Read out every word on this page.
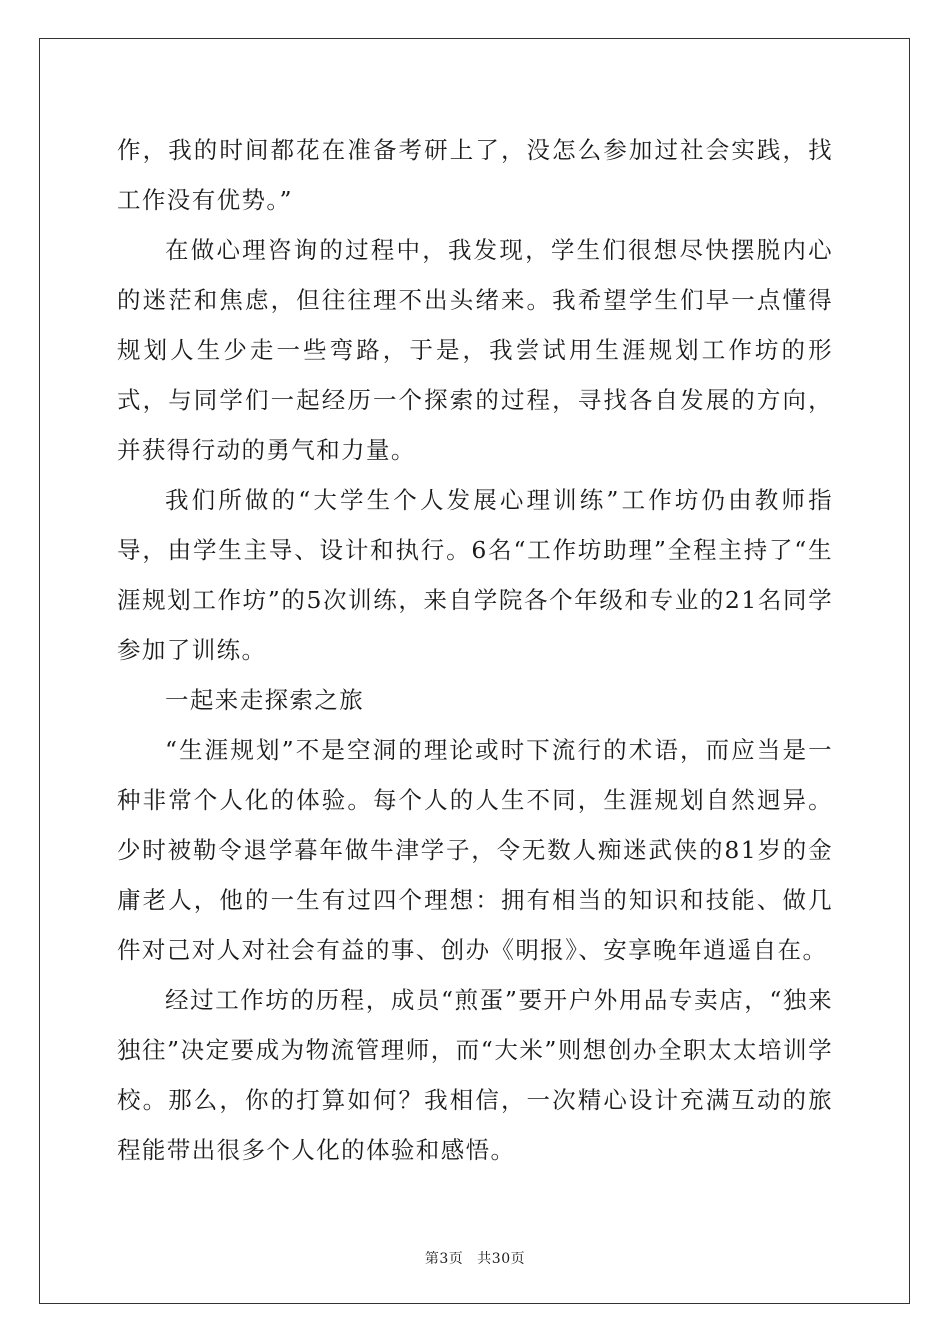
作，我的时间都花在准备考研上了，没怎么参加过社会实践，找工作没有优势。”

在做心理咨询的过程中，我发现，学生们很想尽快摆脱内心的迷茫和焦虑，但往往理不出头绪来。我希望学生们早一点懂得规划人生少走一些弯路，于是，我尝试用生涯规划工作坊的形式，与同学们一起经历一个探索的过程，寻找各自发展的方向，并获得行动的勇气和力量。

我们所做的“大学生个人发展心理训练”工作坊仍由教师指导，由学生主导、设计和执行。6名“工作坊助理”全程主持了“生涯规划工作坊”的5次训练，来自学院各个年级和专业的21名同学参加了训练。

一起来走探索之旅

“生涯规划”不是空洞的理论或时下流行的术语，而应当是一种非常个人化的体验。每个人的人生不同，生涯规划自然迥异。少时被勒令退学暮年做牛津学子，令无数人痴迷武侠的81岁的金庸老人，他的一生有过四个理想：拥有相当的知识和技能、做几件对己对人对社会有益的事、创办《明报》、安享晚年逍遥自在。

经过工作坊的历程，成员“煎蛋”要开户外用品专卖店，“独来独往”决定要成为物流管理师，而“大米”则想创办全职太太培训学校。那么，你的打算如何？我相信，一次精心设计充满互动的旅程能带出很多个人化的体验和感悟。

第3页 共30页
